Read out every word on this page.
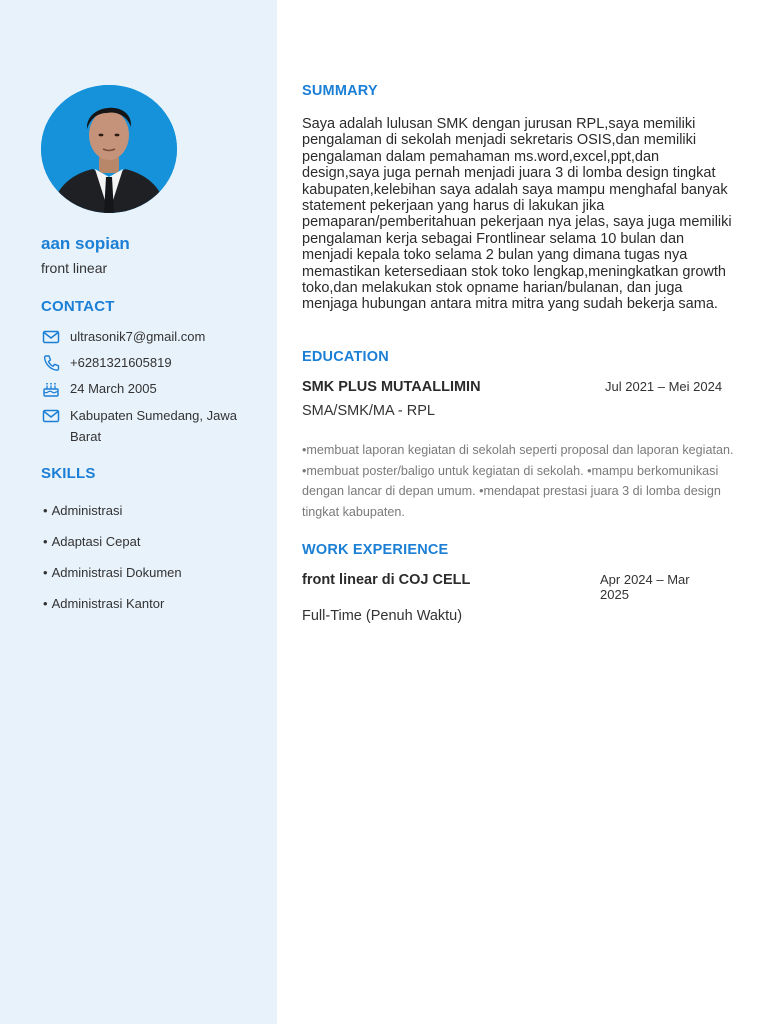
aan sopian
front linear
CONTACT
ultrasonik7@gmail.com
+6281321605819
24 March 2005
Kabupaten Sumedang, Jawa Barat
SKILLS
• Administrasi
• Adaptasi Cepat
• Administrasi Dokumen
• Administrasi Kantor
SUMMARY
Saya adalah lulusan SMK dengan jurusan RPL,saya memiliki pengalaman di sekolah menjadi sekretaris OSIS,dan memiliki pengalaman dalam pemahaman ms.word,excel,ppt,dan design,saya juga pernah menjadi juara 3 di lomba design tingkat kabupaten,kelebihan saya adalah saya mampu menghafal banyak statement pekerjaan yang harus di lakukan jika pemaparan/pemberitahuan pekerjaan nya jelas, saya juga memiliki pengalaman kerja sebagai Frontlinear selama 10 bulan dan menjadi kepala toko selama 2 bulan yang dimana tugas nya memastikan ketersediaan stok toko lengkap,meningkatkan growth toko,dan melakukan stok opname harian/bulanan, dan juga menjaga hubungan antara mitra mitra yang sudah bekerja sama.
EDUCATION
SMK PLUS MUTAALLIMIN	Jul 2021 – Mei 2024
SMA/SMK/MA - RPL
•membuat laporan kegiatan di sekolah seperti proposal dan laporan kegiatan. •membuat poster/baligo untuk kegiatan di sekolah. •mampu berkomunikasi dengan lancar di depan umum. •mendapat prestasi juara 3 di lomba design tingkat kabupaten.
WORK EXPERIENCE
front linear di COJ CELL	Apr 2024 – Mar 2025
Full-Time (Penuh Waktu)
